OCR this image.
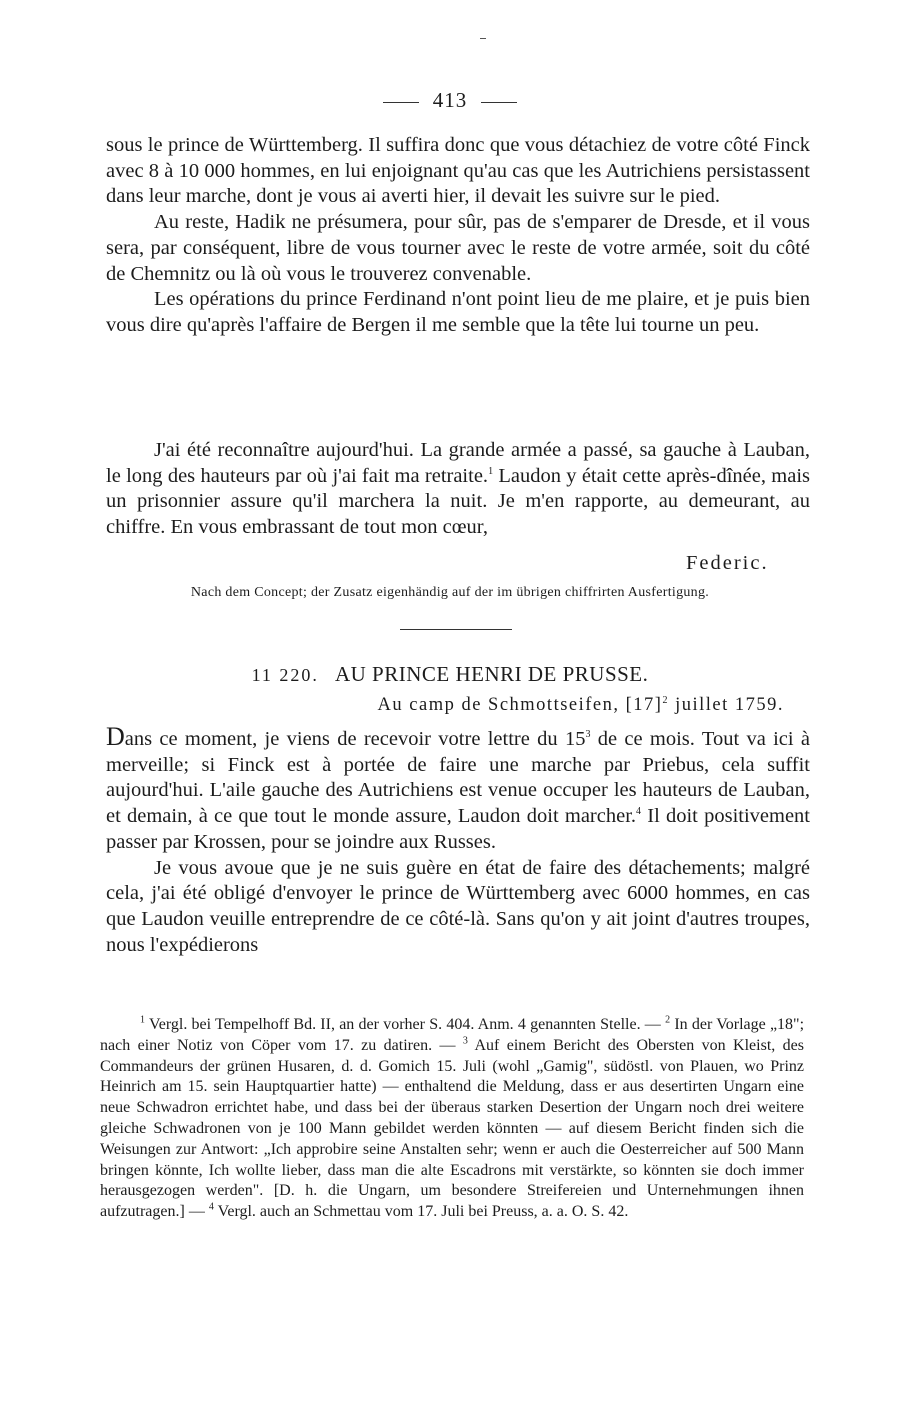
413

sous le prince de Württemberg. Il suffira donc que vous détachiez de votre côté Finck avec 8 à 10 000 hommes, en lui enjoignant qu'au cas que les Autrichiens persistassent dans leur marche, dont je vous ai averti hier, il devait les suivre sur le pied.

Au reste, Hadik ne présumera, pour sûr, pas de s'emparer de Dresde, et il vous sera, par conséquent, libre de vous tourner avec le reste de votre armée, soit du côté de Chemnitz ou là où vous le trouverez convenable.

Les opérations du prince Ferdinand n'ont point lieu de me plaire, et je puis bien vous dire qu'après l'affaire de Bergen il me semble que la tête lui tourne un peu.

J'ai été reconnaître aujourd'hui. La grande armée a passé, sa gauche à Lauban, le long des hauteurs par où j'ai fait ma retraite.$^1$ Laudon y était cette après-dînée, mais un prisonnier assure qu'il marchera la nuit. Je m'en rapporte, au demeurant, au chiffre. En vous embrassant de tout mon cœur,

Federic.
Nach dem Concept; der Zusatz eigenhändig auf der im übrigen chiffrirten Ausfertigung.
11 220. AU PRINCE HENRI DE PRUSSE.
Au camp de Schmottseifen, $[17]^2$ juillet 1759.

Dans ce moment, je viens de recevoir votre lettre du $15^3$ de ce mois. Tout va ici à merveille; si Finck est à portée de faire une marche par Priebus, cela suffit aujourd'hui. L'aile gauche des Autrichiens est venue occuper les hauteurs de Lauban, et demain, à ce que tout le monde assure, Laudon doit marcher.$^4$ Il doit positivement passer par Krossen, pour se joindre aux Russes.

Je vous avoue que je ne suis guère en état de faire des détachements; malgré cela, j'ai été obligé d'envoyer le prince de Württemberg avec 6000 hommes, en cas que Laudon veuille entreprendre de ce côté-là. Sans qu'on y ait joint d'autres troupes, nous l'expédierons

$^1$ Vergl. bei Tempelhoff Bd. II, an der vorher S. 404. Anm. 4 genannten Stelle. — $^2$ In der Vorlage „18"; nach einer Notiz von Cöper vom 17. zu datiren. — $^3$ Auf einem Bericht des Obersten von Kleist, des Commandeurs der grünen Husaren, d. d. Gomich 15. Juli (wohl „Gamig", südöstl. von Plauen, wo Prinz Heinrich am 15. sein Hauptquartier hatte) — enthaltend die Meldung, dass er aus desertirten Ungarn eine neue Schwadron errichtet habe, und dass bei der überaus starken Desertion der Ungarn noch drei weitere gleiche Schwadronen von je 100 Mann gebildet werden könnten — auf diesem Bericht finden sich die Weisungen zur Antwort: „Ich approbire seine Anstalten sehr; wenn er auch die Oesterreicher auf 500 Mann bringen könnte, Ich wollte lieber, dass man die alte Escadrons mit verstärkte, so könnten sie doch immer herausgezogen werden". [D. h. die Ungarn, um besondere Streifereien und Unternehmungen ihnen aufzutragen.] — $^4$ Vergl. auch an Schmettau vom 17. Juli bei Preuss, a. a. O. S. 42.
